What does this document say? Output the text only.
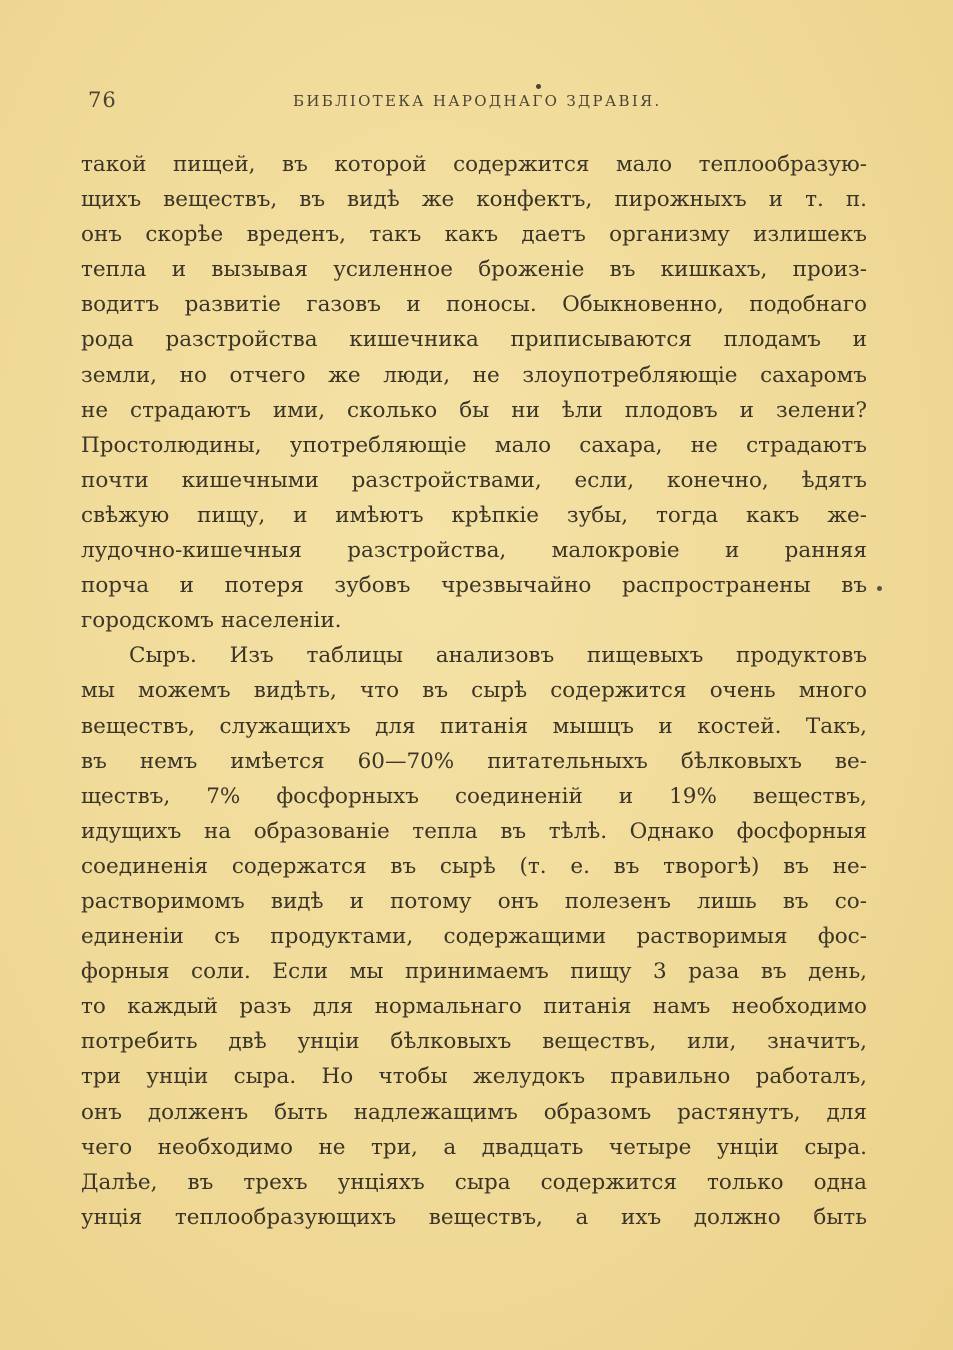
76	БИБЛІОТЕКА НАРОДНАГО ЗДРАВІЯ.
такой пищей, въ которой содержится мало теплообразую-
щихъ веществъ, въ видѣ же конфектъ, пирожныхъ и т. п.
онъ скорѣе вреденъ, такъ какъ даетъ организму излишекъ
тепла и вызывая усиленное броженіе въ кишкахъ, произ-
водитъ развитіе газовъ и поносы. Обыкновенно, подобнаго
рода разстройства кишечника приписываются плодамъ и
земли, но отчего же люди, не злоупотребляющіе сахаромъ
не страдаютъ ими, сколько бы ни ѣли плодовъ и зелени?
Простолюдины, употребляющіе мало сахара, не страдаютъ
почти кишечными разстройствами, если, конечно, ѣдятъ
свѣжую пищу, и имѣютъ крѣпкіе зубы, тогда какъ же-
лудочно-кишечныя разстройства, малокровіе и ранняя
порча и потеря зубовъ чрезвычайно распространены въ
городскомъ населеніи.
Сыръ. Изъ таблицы анализовъ пищевыхъ продуктовъ
мы можемъ видѣть, что въ сырѣ содержится очень много
веществъ, служащихъ для питанія мышцъ и костей. Такъ,
въ немъ имѣется 60—70% питательныхъ бѣлковыхъ ве-
ществъ, 7% фосфорныхъ соединеній и 19% веществъ,
идущихъ на образованіе тепла въ тѣлѣ. Однако фосфорныя
соединенія содержатся въ сырѣ (т. е. въ творогѣ) въ не-
растворимомъ видѣ и потому онъ полезенъ лишь въ со-
единеніи съ продуктами, содержащими растворимыя фос-
форныя соли. Если мы принимаемъ пищу 3 раза въ день,
то каждый разъ для нормальнаго питанія намъ необходимо
потребить двѣ унціи бѣлковыхъ веществъ, или, значитъ,
три унціи сыра. Но чтобы желудокъ правильно работалъ,
онъ долженъ быть надлежащимъ образомъ растянутъ, для
чего необходимо не три, а двадцать четыре унціи сыра.
Далѣе, въ трехъ унціяхъ сыра содержится только одна
унція теплообразующихъ веществъ, а ихъ должно быть
